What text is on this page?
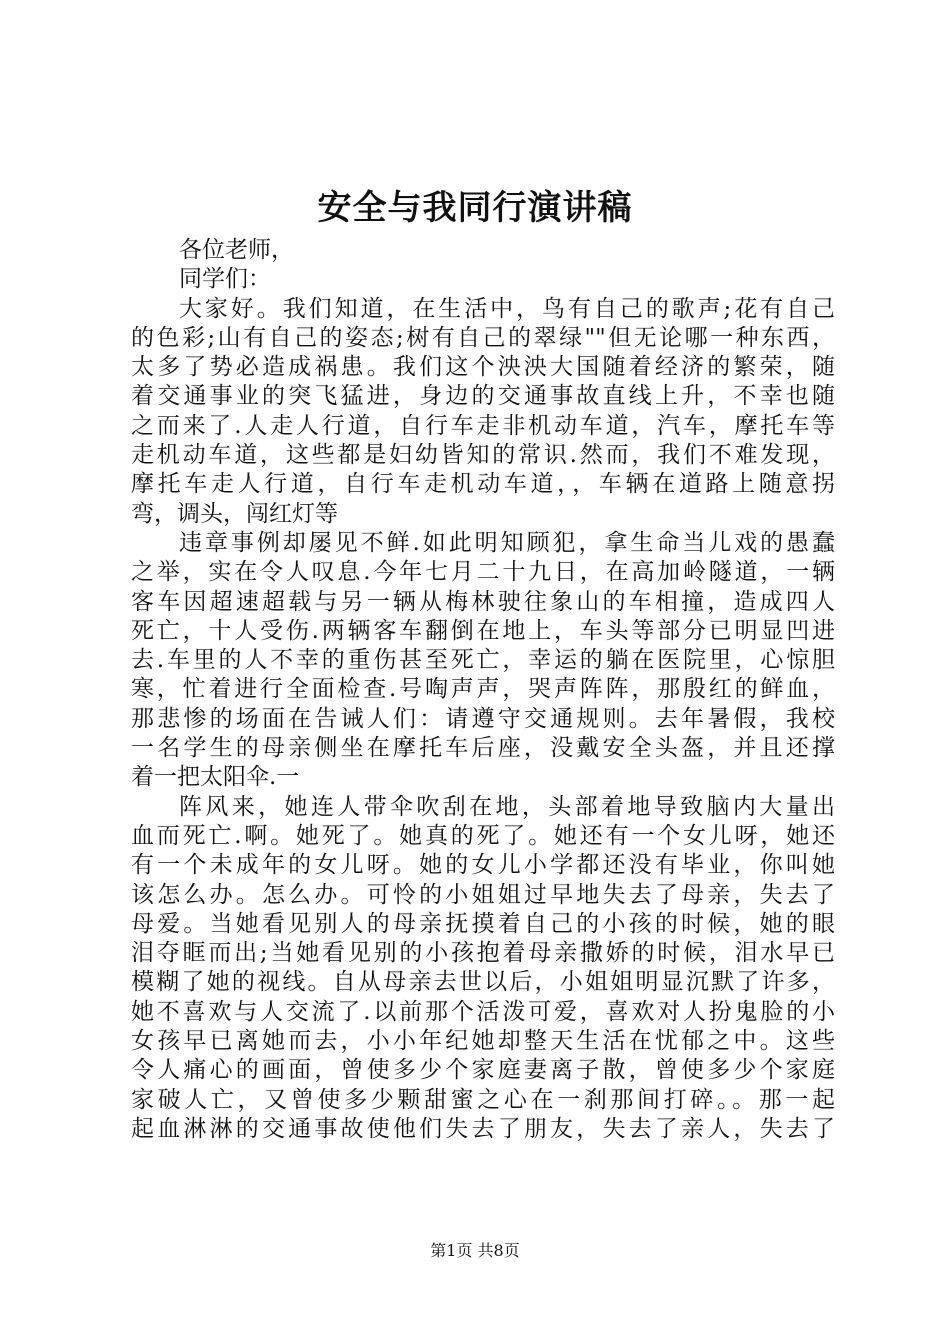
安全与我同行演讲稿
各位老师，
同学们：
大家好。我们知道，在生活中，鸟有自己的歌声;花有自己
的色彩;山有自己的姿态;树有自己的翠绿""但无论哪一种东西，
太多了势必造成祸患。我们这个泱泱大国随着经济的繁荣，随
着交通事业的突飞猛进，身边的交通事故直线上升，不幸也随
之而来了.人走人行道，自行车走非机动车道，汽车，摩托车等
走机动车道，这些都是妇幼皆知的常识.然而，我们不难发现，
摩托车走人行道，自行车走机动车道，，车辆在道路上随意拐
弯，调头，闯红灯等
违章事例却屡见不鲜.如此明知顾犯，拿生命当儿戏的愚蠢
之举，实在令人叹息.今年七月二十九日，在高加岭隧道，一辆
客车因超速超载与另一辆从梅林驶往象山的车相撞，造成四人
死亡，十人受伤.两辆客车翻倒在地上，车头等部分已明显凹进
去.车里的人不幸的重伤甚至死亡，幸运的躺在医院里，心惊胆
寒，忙着进行全面检查.号啕声声，哭声阵阵，那殷红的鲜血，
那悲惨的场面在告诫人们：请遵守交通规则。去年暑假，我校
一名学生的母亲侧坐在摩托车后座，没戴安全头盔，并且还撑
着一把太阳伞.一
阵风来，她连人带伞吹刮在地，头部着地导致脑内大量出
血而死亡.啊。她死了。她真的死了。她还有一个女儿呀，她还
有一个未成年的女儿呀。她的女儿小学都还没有毕业，你叫她
该怎么办。怎么办。可怜的小姐姐过早地失去了母亲，失去了
母爱。当她看见别人的母亲抚摸着自己的小孩的时候，她的眼
泪夺眶而出;当她看见别的小孩抱着母亲撒娇的时候，泪水早已
模糊了她的视线。自从母亲去世以后，小姐姐明显沉默了许多，
她不喜欢与人交流了.以前那个活泼可爱，喜欢对人扮鬼脸的小
女孩早已离她而去，小小年纪她却整天生活在忧郁之中。这些
令人痛心的画面，曾使多少个家庭妻离子散，曾使多少个家庭
家破人亡，又曾使多少颗甜蜜之心在一刹那间打碎。。那一起
起血淋淋的交通事故使他们失去了朋友，失去了亲人，失去了
第1页 共8页
